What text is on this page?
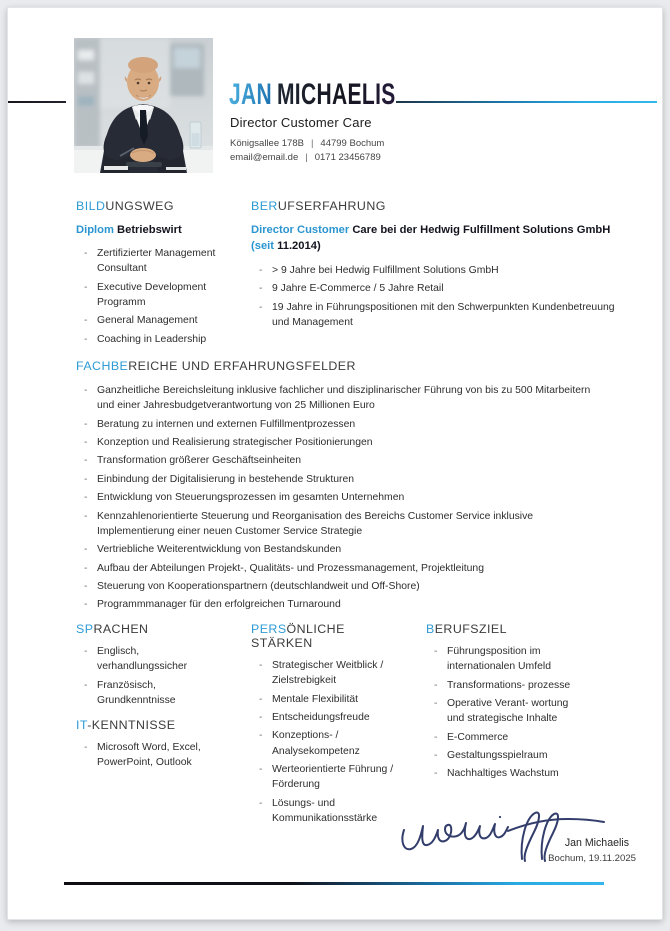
JAN MICHAELIS
Director Customer Care
Königsallee 178B | 44799 Bochum
email@email.de | 0171 23456789
BILDUNGSWEG
Diplom Betriebswirt
- Zertifizierter Management Consultant
- Executive Development Programm
- General Management
- Coaching in Leadership
BERUFSERFAHRUNG
Director Customer Care bei der Hedwig Fulfillment Solutions GmbH
(seit 11.2014)
- > 9 Jahre bei Hedwig Fulfillment Solutions GmbH
- 9 Jahre E-Commerce / 5 Jahre Retail
- 19 Jahre in Führungspositionen mit den Schwerpunkten Kundenbetreuung und Management
FACHBEREICHE UND ERFAHRUNGSFELDER
- Ganzheitliche Bereichsleitung inklusive fachlicher und disziplinarischer Führung von bis zu 500 Mitarbeitern und einer Jahresbudgetverantwortung von 25 Millionen Euro
- Beratung zu internen und externen Fulfillmentprozessen
- Konzeption und Realisierung strategischer Positionierungen
- Transformation größerer Geschäftseinheiten
- Einbindung der Digitalisierung in bestehende Strukturen
- Entwicklung von Steuerungsprozessen im gesamten Unternehmen
- Kennzahlenorientierte Steuerung und Reorganisation des Bereichs Customer Service inklusive Implementierung einer neuen Customer Service Strategie
- Vertriebliche Weiterentwicklung von Bestandskunden
- Aufbau der Abteilungen Projekt-, Qualitäts- und Prozessmanagement, Projektleitung
- Steuerung von Kooperationspartnern (deutschlandweit und Off-Shore)
- Programmmanager für den erfolgreichen Turnaround
SPRACHEN
- Englisch, verhandlungssicher
- Französisch, Grundkenntnisse
PERSÖNLICHE STÄRKEN
- Strategischer Weitblick / Zielstrebigkeit
- Mentale Flexibilität
- Entscheidungsfreude
- Konzeptions- / Analysekompetenz
- Werteorientierte Führung / Förderung
- Lösungs- und Kommunikationsstärke
BERUFSZIEL
- Führungsposition im internationalen Umfeld
- Transformations- prozesse
- Operative Verant- wortung und strategische Inhalte
- E-Commerce
- Gestaltungsspielraum
- Nachhaltiges Wachstum
IT-KENNTNISSE
- Microsoft Word, Excel, PowerPoint, Outlook
Jan Michaelis
Bochum, 19.11.2025
